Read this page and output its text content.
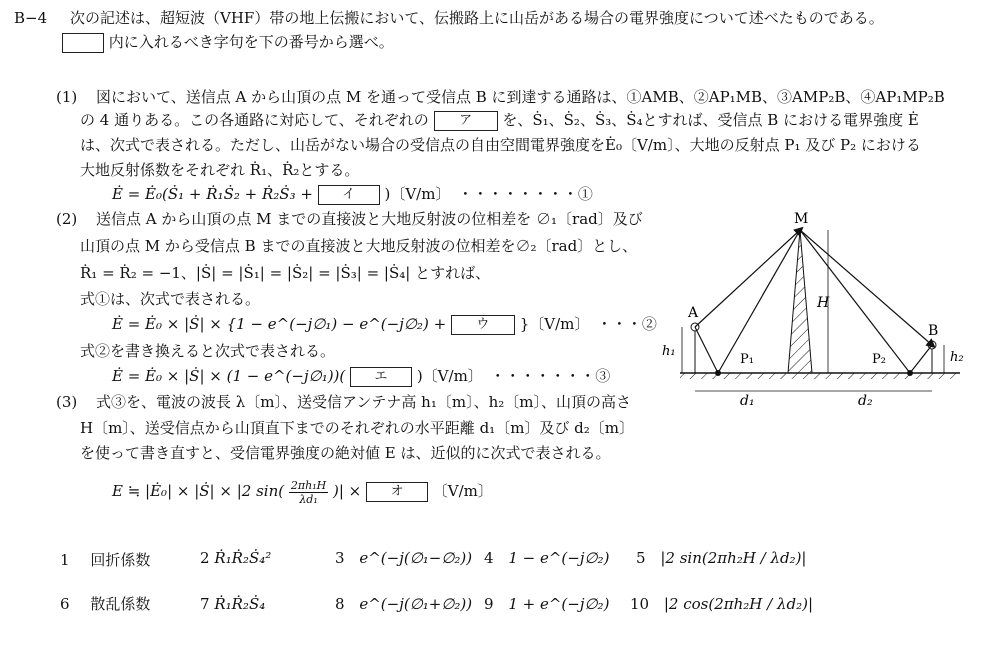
B−4 次の記述は、超短波（VHF）帯の地上伝搬において、伝搬路上に山岳がある場合の電界強度について述べたものである。
内に入れるべき字句を下の番号から選べ。
(1) 図において、送信点 A から山頂の点 M を通って受信点 B に到達する通路は、①AMB、②AP₁MB、③AMP₂B、④AP₁MP₂B
の 4 通りある。この各通路に対応して、それぞれの ア を、Ṡ₁、Ṡ₂、Ṡ₃、Ṡ₄とすれば、受信点 B における電界強度 Ė
は、次式で表される。ただし、山岳がない場合の受信点の自由空間電界強度をĖ₀〔V/m〕、大地の反射点 P₁ 及び P₂ における
大地反射係数をそれぞれ Ṙ₁、Ṙ₂とする。
Ė = Ė₀(Ṡ₁ + Ṙ₁Ṡ₂ + Ṙ₂Ṡ₃ + イ )〔V/m〕　・・・・・・・・①
(2) 送信点 A から山頂の点 M までの直接波と大地反射波の位相差を ∅₁〔rad〕及び
山頂の点 M から受信点 B までの直接波と大地反射波の位相差を∅₂〔rad〕とし、
Ṙ₁ = Ṙ₂ = −1、|Ṡ| = |Ṡ₁| = |Ṡ₂| = |Ṡ₃| = |Ṡ₄| とすれば、
式①は、次式で表される。
Ė = Ė₀ × |Ṡ| × {1 − e^(−j∅₁) − e^(−j∅₂) + ウ }〔V/m〕　・・・②
式②を書き換えると次式で表される。
Ė = Ė₀ × |Ṡ| × (1 − e^(−j∅₁))( エ )〔V/m〕　・・・・・・・③
(3) 式③を、電波の波長 λ〔m〕、送受信アンテナ高 h₁〔m〕、h₂〔m〕、山頂の高さ
H〔m〕、送受信点から山頂直下までのそれぞれの水平距離 d₁〔m〕及び d₂〔m〕
を使って書き直すと、受信電界強度の絶対値 E は、近似的に次式で表される。
E ≒ |Ė₀| × |Ṡ| × |2 $\sin( \frac{\text{2πh₁H}}{\text{λd₁}}$ )| × オ 〔V/m〕
1 回折係数	2 Ṙ₁Ṙ₂Ṡ₄²	3 e^(−j(∅₁−∅₂)) 4 1 − e^(−j∅₂) 5 |2 sin(2πh₂H / λd₂)|
6 散乱係数	7 Ṙ₁Ṙ₂Ṡ₄	8 e^(−j(∅₁+∅₂)) 9 1 + e^(−j∅₂) 10 |2 cos(2πh₂H / λd₂)|
M
A
B
P₁	P₂
H
h₁	h₂
d₁	d₂
